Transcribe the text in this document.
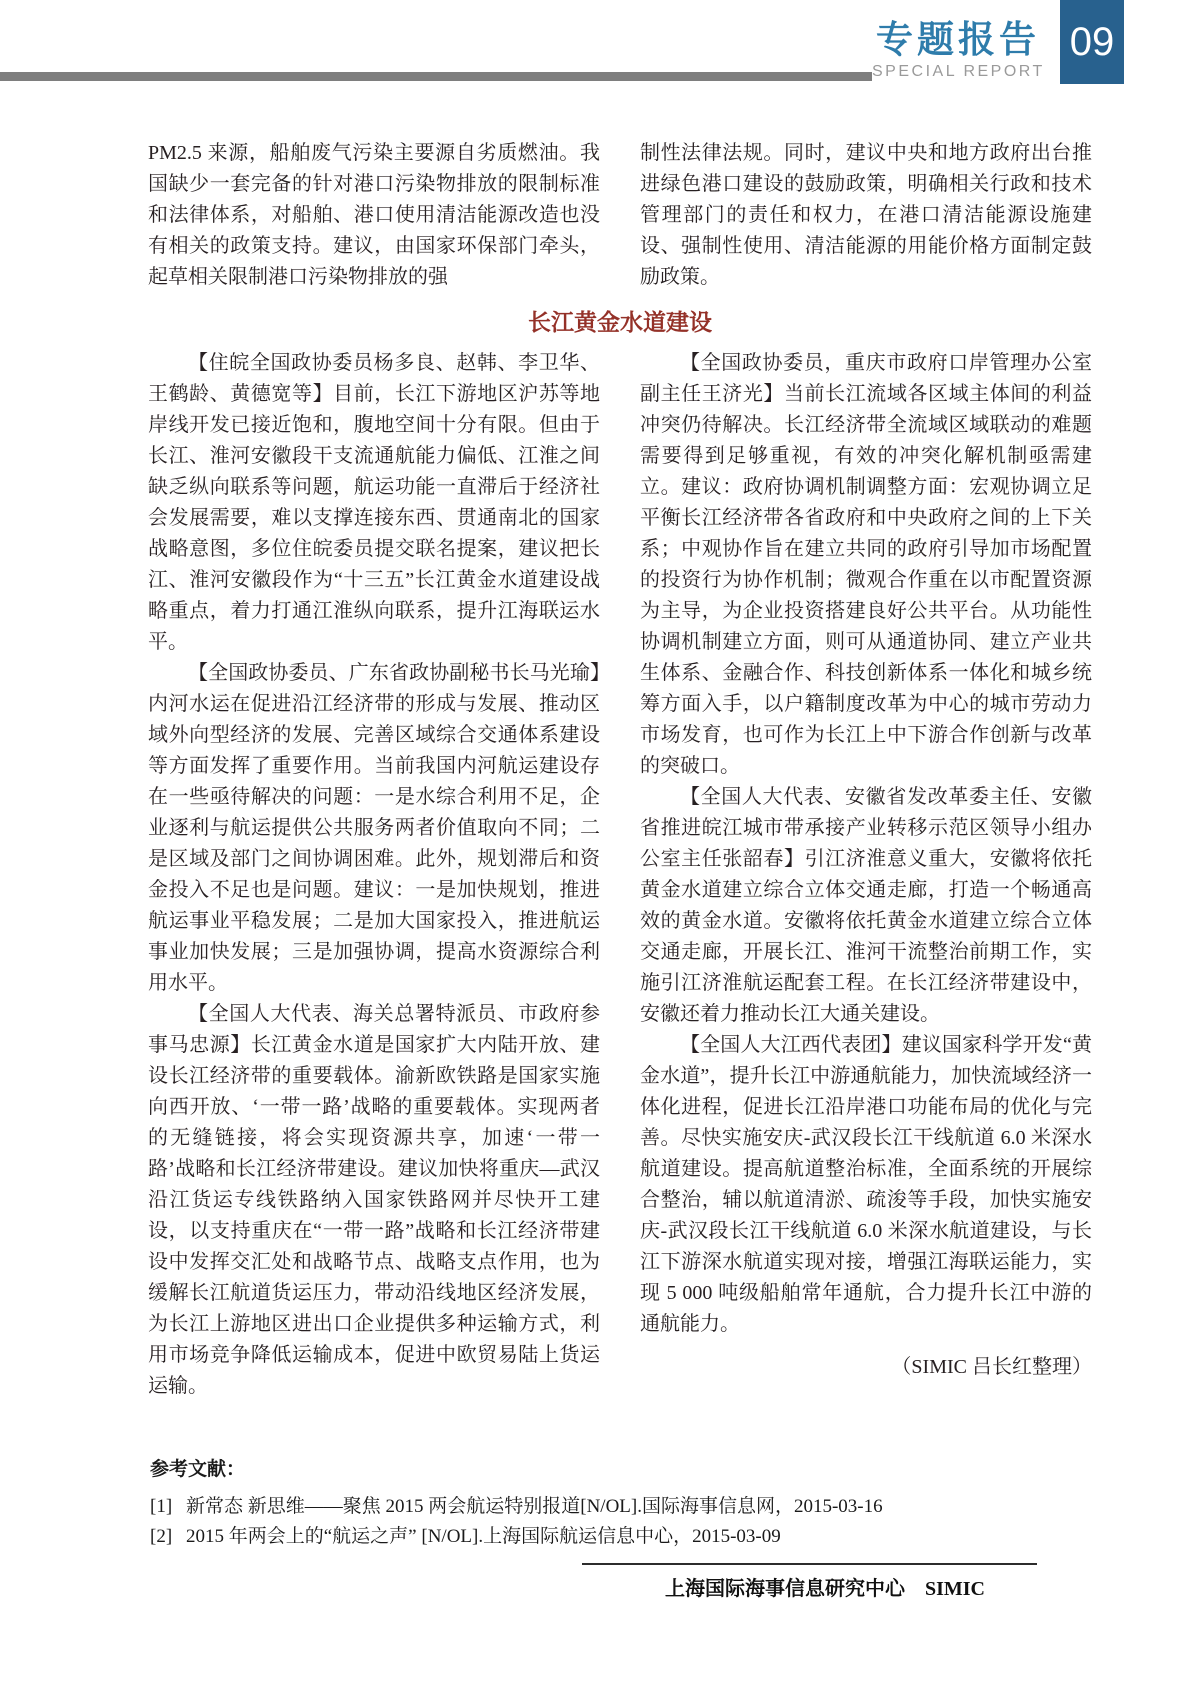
专题报告
SPECIAL REPORT
09

PM2.5 来源，船舶废气污染主要源自劣质燃油。我国缺少一套完备的针对港口污染物排放的限制标准和法律体系，对船舶、港口使用清洁能源改造也没有相关的政策支持。建议，由国家环保部门牵头，起草相关限制港口污染物排放的强

制性法律法规。同时，建议中央和地方政府出台推进绿色港口建设的鼓励政策，明确相关行政和技术管理部门的责任和权力，在港口清洁能源设施建设、强制性使用、清洁能源的用能价格方面制定鼓励政策。

长江黄金水道建设

【住皖全国政协委员杨多良、赵韩、李卫华、王鹤龄、黄德宽等】目前，长江下游地区沪苏等地岸线开发已接近饱和，腹地空间十分有限。但由于长江、淮河安徽段干支流通航能力偏低、江淮之间缺乏纵向联系等问题，航运功能一直滞后于经济社会发展需要，难以支撑连接东西、贯通南北的国家战略意图，多位住皖委员提交联名提案，建议把长江、淮河安徽段作为“十三五”长江黄金水道建设战略重点，着力打通江淮纵向联系，提升江海联运水平。

【全国政协委员、广东省政协副秘书长马光瑜】内河水运在促进沿江经济带的形成与发展、推动区域外向型经济的发展、完善区域综合交通体系建设等方面发挥了重要作用。当前我国内河航运建设存在一些亟待解决的问题：一是水综合利用不足，企业逐利与航运提供公共服务两者价值取向不同；二是区域及部门之间协调困难。此外，规划滞后和资金投入不足也是问题。建议：一是加快规划，推进航运事业平稳发展；二是加大国家投入，推进航运事业加快发展；三是加强协调，提高水资源综合利用水平。

【全国人大代表、海关总署特派员、市政府参事马忠源】长江黄金水道是国家扩大内陆开放、建设长江经济带的重要载体。渝新欧铁路是国家实施向西开放、‘一带一路’战略的重要载体。实现两者的无缝链接，将会实现资源共享，加速‘一带一路’战略和长江经济带建设。建议加快将重庆—武汉沿江货运专线铁路纳入国家铁路网并尽快开工建设，以支持重庆在“一带一路”战略和长江经济带建设中发挥交汇处和战略节点、战略支点作用，也为缓解长江航道货运压力，带动沿线地区经济发展，为长江上游地区进出口企业提供多种运输方式，利用市场竞争降低运输成本，促进中欧贸易陆上货运运输。

【全国政协委员，重庆市政府口岸管理办公室副主任王济光】当前长江流域各区域主体间的利益冲突仍待解决。长江经济带全流域区域联动的难题需要得到足够重视，有效的冲突化解机制亟需建立。建议：政府协调机制调整方面：宏观协调立足平衡长江经济带各省政府和中央政府之间的上下关系；中观协作旨在建立共同的政府引导加市场配置的投资行为协作机制；微观合作重在以市配置资源为主导，为企业投资搭建良好公共平台。从功能性协调机制建立方面，则可从通道协同、建立产业共生体系、金融合作、科技创新体系一体化和城乡统筹方面入手，以户籍制度改革为中心的城市劳动力市场发育，也可作为长江上中下游合作创新与改革的突破口。

【全国人大代表、安徽省发改革委主任、安徽省推进皖江城市带承接产业转移示范区领导小组办公室主任张韶春】引江济淮意义重大，安徽将依托黄金水道建立综合立体交通走廊，打造一个畅通高效的黄金水道。安徽将依托黄金水道建立综合立体交通走廊，开展长江、淮河干流整治前期工作，实施引江济淮航运配套工程。在长江经济带建设中，安徽还着力推动长江大通关建设。

【全国人大江西代表团】建议国家科学开发“黄金水道”，提升长江中游通航能力，加快流域经济一体化进程，促进长江沿岸港口功能布局的优化与完善。尽快实施安庆-武汉段长江干线航道 6.0 米深水航道建设。提高航道整治标准，全面系统的开展综合整治，辅以航道清淤、疏浚等手段，加快实施安庆-武汉段长江干线航道 6.0 米深水航道建设，与长江下游深水航道实现对接，增强江海联运能力，实现 5 000 吨级船舶常年通航，合力提升长江中游的通航能力。

（SIMIC 吕长红整理）
参考文献：
[1] 新常态 新思维——聚焦 2015 两会航运特别报道[N/OL].国际海事信息网，2015-03-16
[2] 2015 年两会上的“航运之声” [N/OL].上海国际航运信息中心，2015-03-09
上海国际海事信息研究中心　SIMIC
